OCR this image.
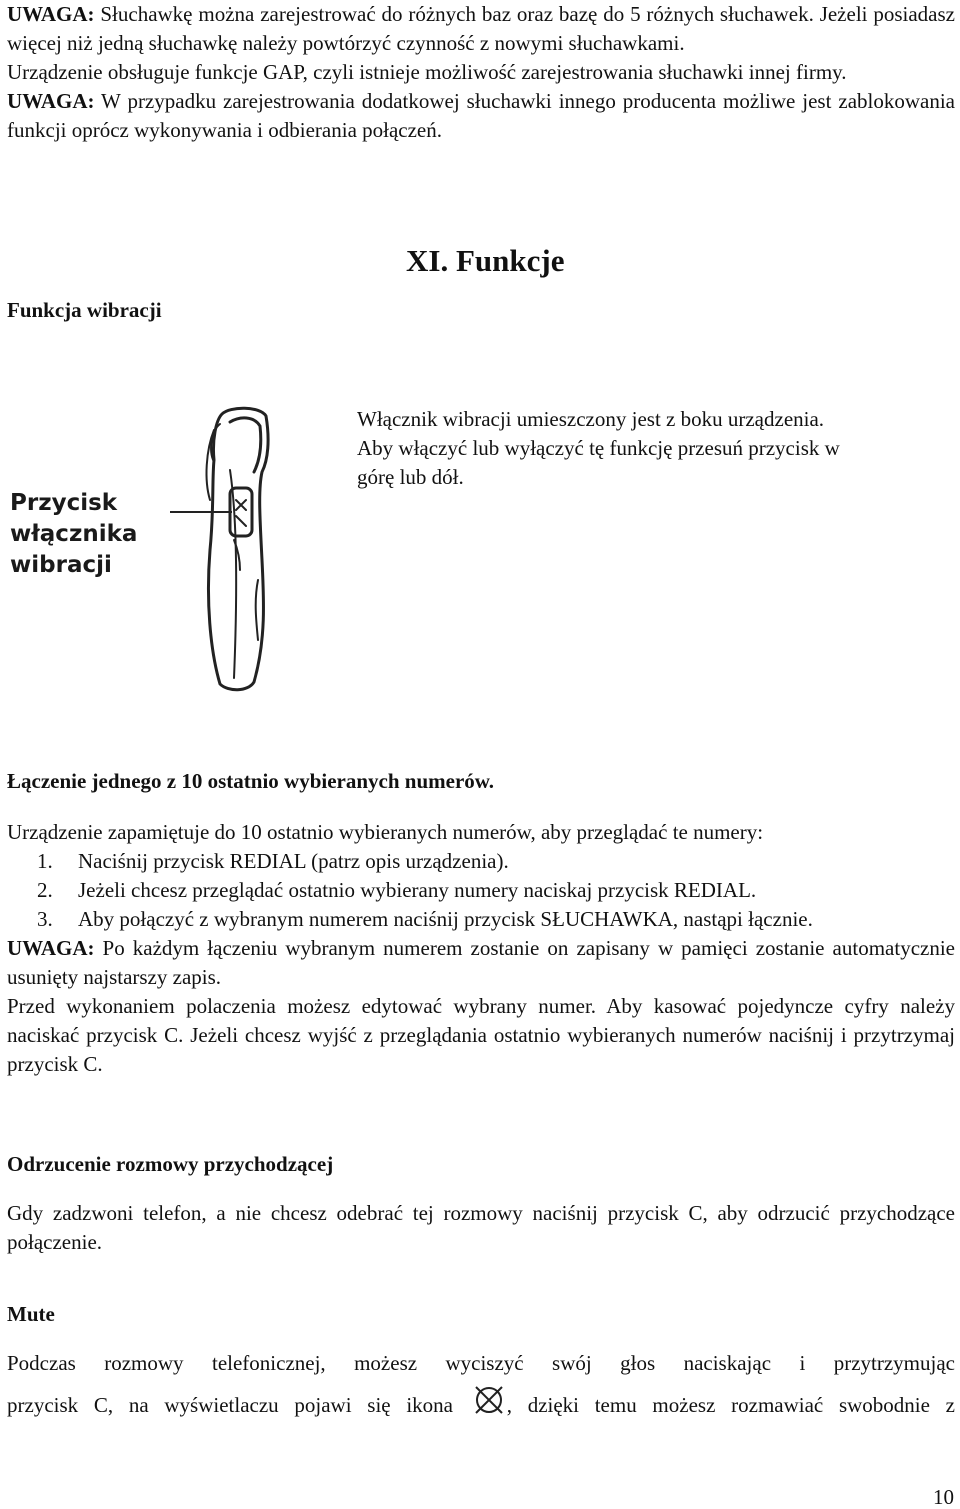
UWAGA: Słuchawkę można zarejestrować do różnych baz oraz bazę do 5 różnych słuchawek. Jeżeli posiadasz więcej niż jedną słuchawkę należy powtórzyć czynność z nowymi słuchawkami.

Urządzenie obsługuje funkcje GAP, czyli istnieje możliwość zarejestrowania słuchawki innej firmy.

UWAGA: W przypadku zarejestrowania dodatkowej słuchawki innego producenta możliwe jest zablokowania funkcji oprócz wykonywania i odbierania połączeń.

XI. Funkcje
Funkcja wibracji

Włącznik wibracji umieszczony jest z boku urządzenia.

Aby włączyć lub wyłączyć tę funkcję przesuń przycisk w

górę lub dół.

Przycisk
włącznika
wibracji

Łączenie jednego z 10 ostatnio wybieranych numerów.

Urządzenie zapamiętuje do 10 ostatnio wybieranych numerów, aby przeglądać te numery:

1. Naciśnij przycisk REDIAL (patrz opis urządzenia).
2. Jeżeli chcesz przeglądać ostatnio wybierany numery naciskaj przycisk REDIAL.
3. Aby połączyć z wybranym numerem naciśnij przycisk SŁUCHAWKA, nastąpi łącznie.

UWAGA: Po każdym łączeniu wybranym numerem zostanie on zapisany w pamięci zostanie automatycznie usunięty najstarszy zapis.

Przed wykonaniem polaczenia możesz edytować wybrany numer. Aby kasować pojedyncze cyfry należy naciskać przycisk C. Jeżeli chcesz wyjść z przeglądania ostatnio wybieranych numerów naciśnij i przytrzymaj przycisk C.

Odrzucenie rozmowy przychodzącej

Gdy zadzwoni telefon, a nie chcesz odebrać tej rozmowy naciśnij przycisk C, aby odrzucić przychodzące połączenie.

Mute

Podczas rozmowy telefonicznej, możesz wyciszyć swój głos naciskając i przytrzymując

przycisk C, na wyświetlaczu pojawi się ikona , dzięki temu możesz rozmawiać swobodnie z

10
